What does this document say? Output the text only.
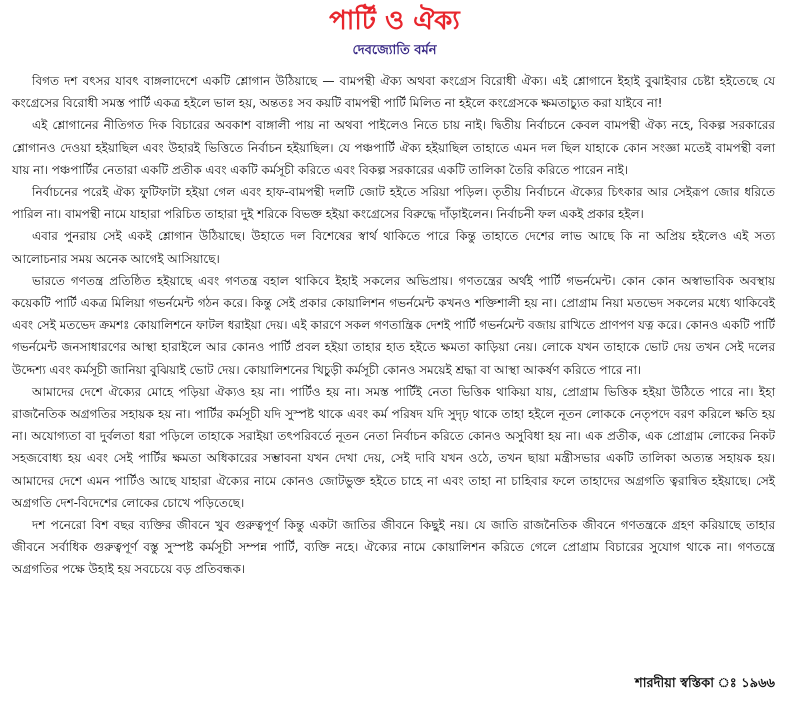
পার্টি ও ঐক্য
দেবজ্যোতি বর্মন

বিগত দশ বৎসর যাবৎ বাঙ্গলাদেশে একটি শ্লোগান উঠিয়াছে — বামপন্থী ঐক্য অথবা কংগ্রেস বিরোধী ঐক্য। এই শ্লোগানে ইহাই বুঝাইবার চেষ্টা হইতেছে যে কংগ্রেসের বিরোধী সমস্ত পার্টি একত্র হইলে ভাল হয়, অন্ততঃ সব কয়টি বামপন্থী পার্টি মিলিত না হইলে কংগ্রেসকে ক্ষমতাচ্যুত করা যাইবে না!

এই শ্লোগানের নীতিগত দিক বিচারের অবকাশ বাঙ্গালী পায় না অথবা পাইলেও নিতে চায় নাই। দ্বিতীয় নির্বাচনে কেবল বামপন্থী ঐক্য নহে, বিকল্প সরকারের শ্লোগানও দেওয়া হইয়াছিল এবং উহারই ভিত্তিতে নির্বাচন হইয়াছিল। যে পঞ্চপার্টি ঐক্য হইয়াছিল তাহাতে এমন দল ছিল যাহাকে কোন সংজ্ঞা মতেই বামপন্থী বলা যায় না। পঞ্চপার্টির নেতারা একটি প্রতীক এবং একটি কর্মসূচী করিতে এবং বিকল্প সরকারের একটি তালিকা তৈরি করিতে পারেন নাই।

নির্বাচনের পরেই ঐক্য ফুটিফাটা হইয়া গেল এবং হাফ-বামপন্থী দলটি জোট হইতে সরিয়া পড়িল। তৃতীয় নির্বাচনে ঐক্যের চিৎকার আর সেইরূপ জোর ধরিতে পারিল না। বামপন্থী নামে যাহারা পরিচিত তাহারা দুই শরিকে বিভক্ত হইয়া কংগ্রেসের বিরুদ্ধে দাঁড়াইলেন। নির্বাচনী ফল একই প্রকার হইল।

এবার পুনরায় সেই একই শ্লোগান উঠিয়াছে। উহাতে দল বিশেষের স্বার্থ থাকিতে পারে কিন্তু তাহাতে দেশের লাভ আছে কি না অপ্রিয় হইলেও এই সত্য আলোচনার সময় অনেক আগেই আসিয়াছে।

ভারতে গণতন্ত্র প্রতিষ্ঠিত হইয়াছে এবং গণতন্ত্র বহাল থাকিবে ইহাই সকলের অভিপ্রায়। গণতন্ত্রের অর্থই পার্টি গভর্নমেন্ট। কোন কোন অস্বাভাবিক অবস্থায় কয়েকটি পার্টি একত্র মিলিয়া গভর্নমেন্ট গঠন করে। কিন্তু সেই প্রকার কোয়ালিশন গভর্নমেন্ট কখনও শক্তিশালী হয় না। প্রোগ্রাম নিয়া মতভেদ সকলের মধ্যে থাকিবেই এবং সেই মতভেদ ক্রমশঃ কোয়ালিশনে ফাটল ধরাইয়া দেয়। এই কারণে সকল গণতান্ত্রিক দেশই পার্টি গভর্নমেন্ট বজায় রাখিতে প্রাণপণ যত্ন করে। কোনও একটি পার্টি গভর্নমেন্ট জনসাধারণের আস্থা হারাইলে আর কোনও পার্টি প্রবল হইয়া তাহার হাত হইতে ক্ষমতা কাড়িয়া নেয়। লোকে যখন তাহাকে ভোট দেয় তখন সেই দলের উদ্দেশ্য এবং কর্মসূচী জানিয়া বুঝিয়াই ভোট দেয়। কোয়ালিশনের খিচুড়ী কর্মসূচী কোনও সময়েই শ্রদ্ধা বা আস্থা আকর্ষণ করিতে পারে না।

আমাদের দেশে ঐক্যের মোহে পড়িয়া ঐক্যও হয় না। পার্টিও হয় না। সমস্ত পার্টিই নেতা ভিত্তিক থাকিয়া যায়, প্রোগ্রাম ভিত্তিক হইয়া উঠিতে পারে না। ইহা রাজনৈতিক অগ্রগতির সহায়ক হয় না। পার্টির কর্মসূচী যদি সুস্পষ্ট থাকে এবং কর্ম পরিষদ যদি সুদৃঢ় থাকে তাহা হইলে নূতন লোককে নেতৃপদে বরণ করিলে ক্ষতি হয় না। অযোগ্যতা বা দুর্বলতা ধরা পড়িলে তাহাকে সরাইয়া তৎপরিবর্তে নূতন নেতা নির্বাচন করিতে কোনও অসুবিধা হয় না। এক প্রতীক, এক প্রোগ্রাম লোকের নিকট সহজবোধ্য হয় এবং সেই পার্টির ক্ষমতা অধিকারের সম্ভাবনা যখন দেখা দেয়, সেই দাবি যখন ওঠে, তখন ছায়া মন্ত্রীসভার একটি তালিকা অত্যন্ত সহায়ক হয়। আমাদের দেশে এমন পার্টিও আছে যাহারা ঐক্যের নামে কোনও জোটভুক্ত হইতে চাহে না এবং তাহা না চাহিবার ফলে তাহাদের অগ্রগতি ত্বরান্বিত হইয়াছে। সেই অগ্রগতি দেশ-বিদেশের লোকের চোখে পড়িতেছে।

দশ পনেরো বিশ বছর ব্যক্তির জীবনে খুব গুরুত্বপূর্ণ কিন্তু একটা জাতির জীবনে কিছুই নয়। যে জাতি রাজনৈতিক জীবনে গণতন্ত্রকে গ্রহণ করিয়াছে তাহার জীবনে সর্বাধিক গুরুত্বপূর্ণ বস্তু সুস্পষ্ট কর্মসূচী সম্পন্ন পার্টি, ব্যক্তি নহে। ঐক্যের নামে কোয়ালিশন করিতে গেলে প্রোগ্রাম বিচারের সুযোগ থাকে না। গণতন্ত্রে অগ্রগতির পক্ষে উহাই হয় সবচেয়ে বড় প্রতিবন্ধক।

শারদীয়া স্বস্তিকা ঃ ১৯৬৬
